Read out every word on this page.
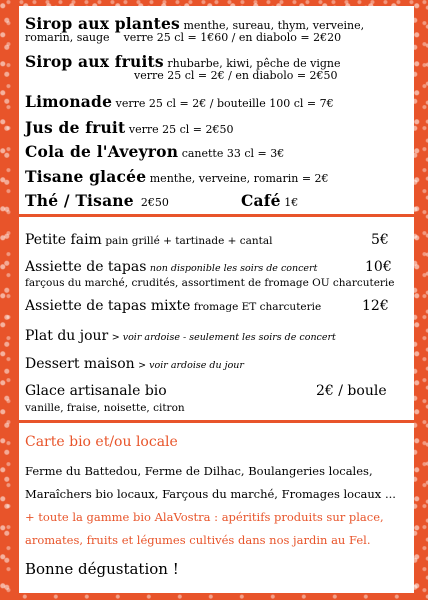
Sirop aux plantes menthe, sureau, thym, verveine,
romarin, sauge verre 25 cl = 1€60 / en diabolo = 2€20
Sirop aux fruits rhubarbe, kiwi, pêche de vigne
verre 25 cl = 2€ / en diabolo = 2€50
Limonade verre 25 cl = 2€ / bouteille 100 cl = 7€
Jus de fruit verre 25 cl = 2€50
Cola de l'Aveyron canette 33 cl = 3€
Tisane glacée menthe, verveine, romarin = 2€
Thé / Tisane 2€50	Café 1€
Petite faim pain grillé + tartinade + cantal	5€
Assiette de tapas non disponible les soirs de concert	10€
farçous du marché, crudités, assortiment de fromage OU charcuterie
Assiette de tapas mixte fromage ET charcuterie	12€
Plat du jour > voir ardoise - seulement les soirs de concert
Dessert maison > voir ardoise du jour
Glace artisanale bio	2€ / boule
vanille, fraise, noisette, citron
Carte bio et/ou locale
Ferme du Battedou, Ferme de Dilhac, Boulangeries locales,
Maraîchers bio locaux, Farçous du marché, Fromages locaux ...
+ toute la gamme bio AlaVostra : apéritifs produits sur place,
aromates, fruits et légumes cultivés dans nos jardin au Fel.
Bonne dégustation !
